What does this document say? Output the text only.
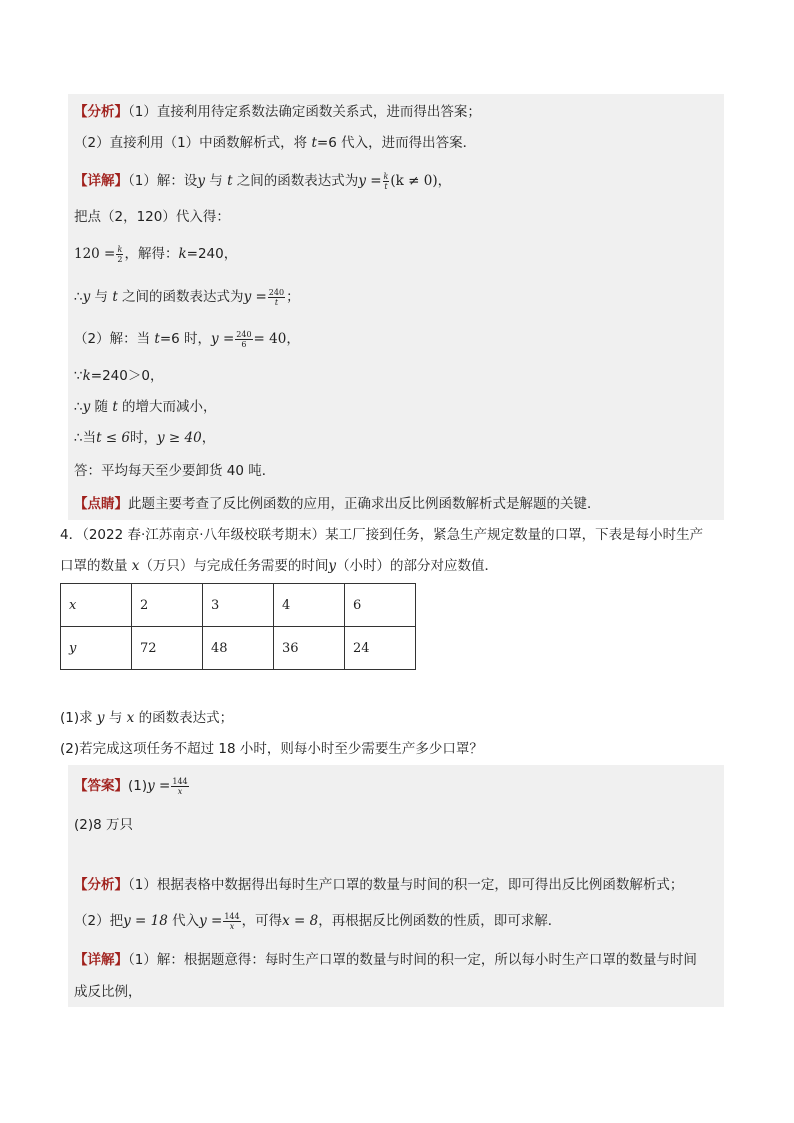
【分析】（1）直接利用待定系数法确定函数关系式，进而得出答案；
（2）直接利用（1）中函数解析式，将 t=6 代入，进而得出答案．
【详解】（1）解：设y 与 t 之间的函数表达式为$y = \frac{k}{t} (k \ne 0)$，
把点（2，120）代入得：
$120 = \frac{k}{2}$ ，解得：k=240，
∴y 与 t 之间的函数表达式为$y = \frac{240}{t}$ ；
（2）解：当 t=6 时，$y = \frac{240}{6} = 40$，
∵k=240＞0，
∴y 随 t 的增大而减小，
∴当t ≤ 6时，y ≥ 40，
答：平均每天至少要卸货 40 吨．
【点睛】此题主要考查了反比例函数的应用，正确求出反比例函数解析式是解题的关键．
4．（2022 春·江苏南京·八年级校联考期末）某工厂接到任务，紧急生产规定数量的口罩，下表是每小时生产
口罩的数量 x（万只）与完成任务需要的时间y（小时）的部分对应数值．
x	2	3	4	6
y	72	48	36	24
(1)求 y 与 x 的函数表达式；
(2)若完成这项任务不超过 18 小时，则每小时至少需要生产多少口罩？
【答案】$(1)y = \frac{144}{x}$
(2)8 万只
【分析】（1）根据表格中数据得出每时生产口罩的数量与时间的积一定，即可得出反比例函数解析式；
（2）把y = 18 代入$y = \frac{144}{x}$ ，可得x = 8，再根据反比例函数的性质，即可求解．
【详解】（1）解：根据题意得：每时生产口罩的数量与时间的积一定，所以每小时生产口罩的数量与时间
成反比例，
